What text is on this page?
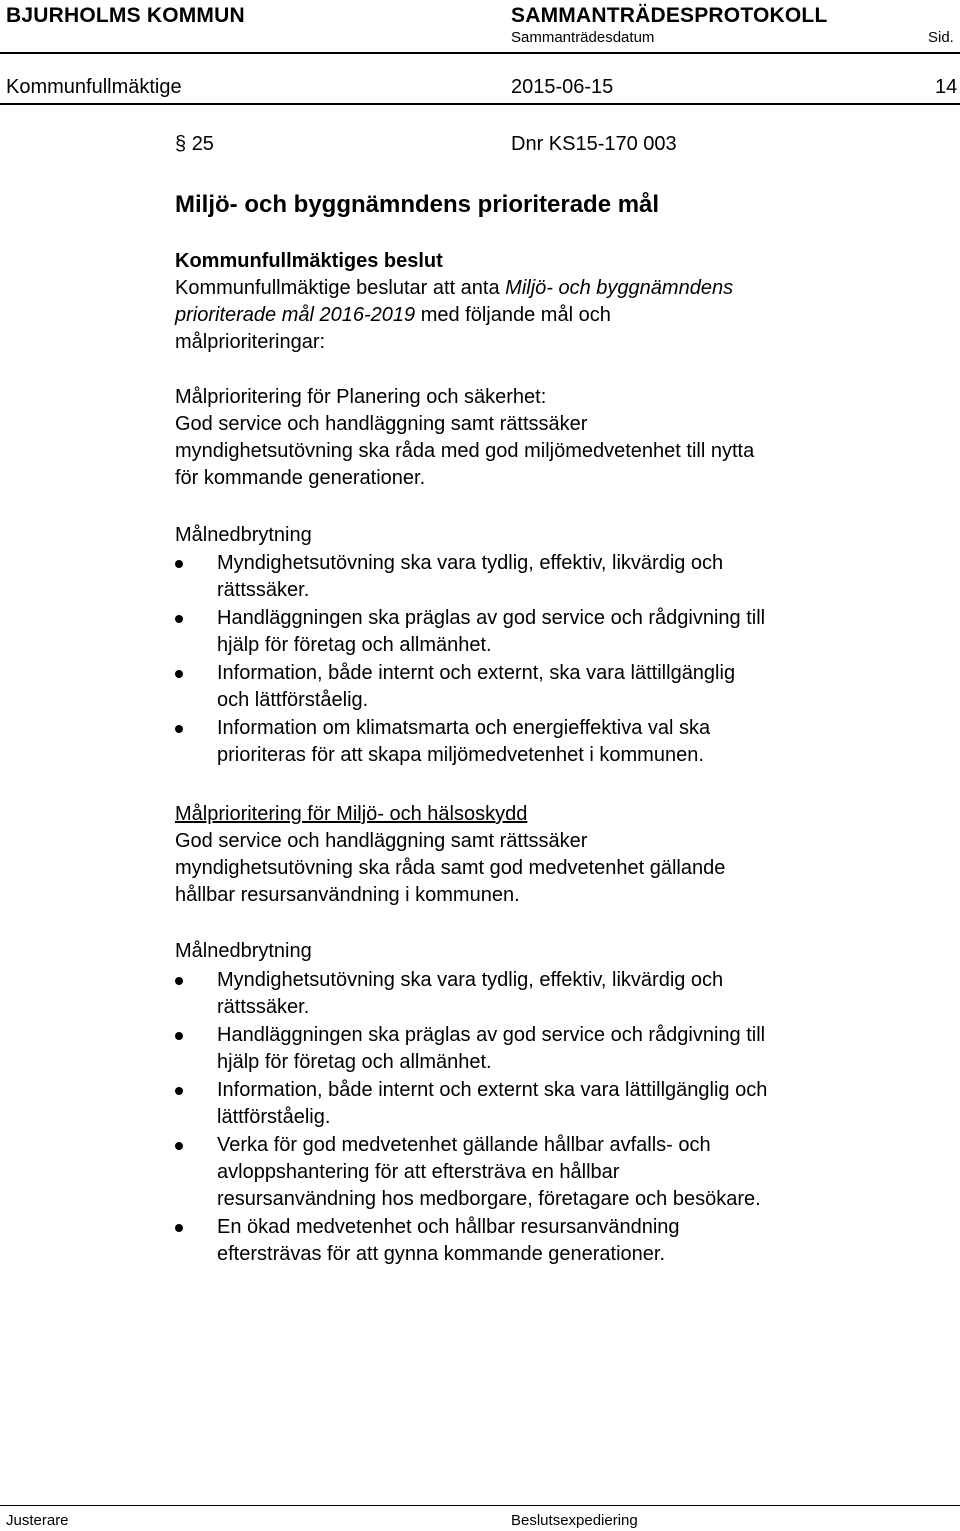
BJURHOLMS KOMMUN	SAMMANTRÄDESPROTOKOLL
Sammanträdesdatum	Sid.
Kommunfullmäktige	2015-06-15	14
§ 25	Dnr KS15-170 003
Miljö- och byggnämndens prioriterade mål
Kommunfullmäktiges beslut
Kommunfullmäktige beslutar att anta Miljö- och byggnämndens
prioriterade mål 2016-2019 med följande mål och
målprioriteringar:
Målprioritering för Planering och säkerhet:
God service och handläggning samt rättssäker
myndighetsutövning ska råda med god miljömedvetenhet till nytta
för kommande generationer.
Målnedbrytning
Myndighetsutövning ska vara tydlig, effektiv, likvärdig och
rättssäker.
Handläggningen ska präglas av god service och rådgivning till
hjälp för företag och allmänhet.
Information, både internt och externt, ska vara lättillgänglig
och lättförståelig.
Information om klimatsmarta och energieffektiva val ska
prioriteras för att skapa miljömedvetenhet i kommunen.
Målprioritering för Miljö- och hälsoskydd
God service och handläggning samt rättssäker
myndighetsutövning ska råda samt god medvetenhet gällande
hållbar resursanvändning i kommunen.
Målnedbrytning
Myndighetsutövning ska vara tydlig, effektiv, likvärdig och
rättssäker.
Handläggningen ska präglas av god service och rådgivning till
hjälp för företag och allmänhet.
Information, både internt och externt ska vara lättillgänglig och
lättförståelig.
Verka för god medvetenhet gällande hållbar avfalls- och
avloppshantering för att eftersträva en hållbar
resursanvändning hos medborgare, företagare och besökare.
En ökad medvetenhet och hållbar resursanvändning
eftersträvas för att gynna kommande generationer.
Justerare	Beslutsexpediering
